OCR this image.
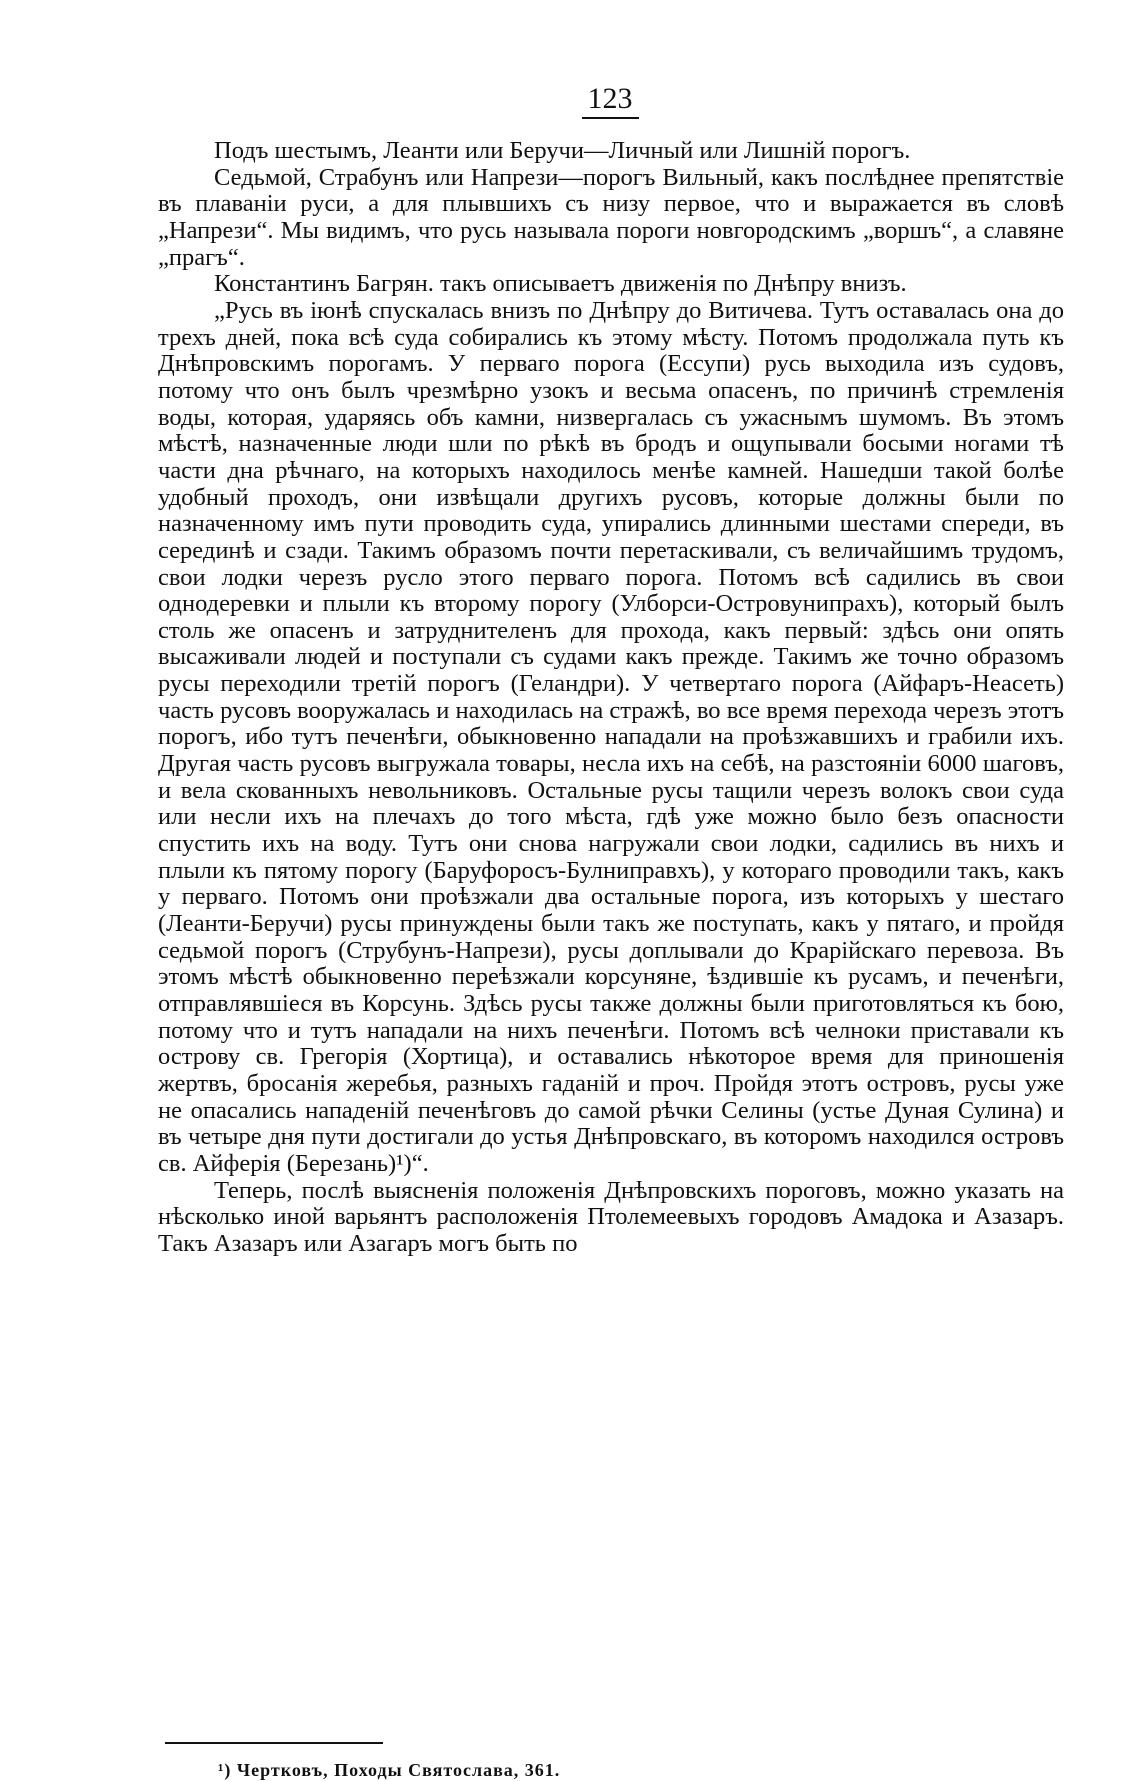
123

Подъ шестымъ, Леанти или Беручи—Личный или Лишній порогъ.

Седьмой, Страбунъ или Напрези—порогъ Вильный, какъ послѣднее препятствіе въ плаваніи руси, а для плывшихъ съ низу первое, что и выражается въ словѣ „Напрези“. Мы видимъ, что русь называла пороги новгородскимъ „воршъ“, а славяне „прагъ“.

Константинъ Багрян. такъ описываетъ движенія по Днѣпру внизъ.

„Русь въ іюнѣ спускалась внизъ по Днѣпру до Витичева. Тутъ оставалась она до трехъ дней, пока всѣ суда собирались къ этому мѣсту. Потомъ продолжала путь къ Днѣпровскимъ порогамъ. У перваго порога (Ессупи) русь выходила изъ судовъ, потому что онъ былъ чрезмѣрно узокъ и весьма опасенъ, по причинѣ стремленія воды, которая, ударяясь объ камни, низвергалась съ ужаснымъ шумомъ. Въ этомъ мѣстѣ, назначенные люди шли по рѣкѣ въ бродъ и ощупывали босыми ногами тѣ части дна рѣчнаго, на которыхъ находилось менѣе камней. Нашедши такой болѣе удобный проходъ, они извѣщали другихъ русовъ, которые должны были по назначенному имъ пути проводить суда, упирались длинными шестами спереди, въ серединѣ и сзади. Такимъ образомъ почти перетаскивали, съ величайшимъ трудомъ, свои лодки черезъ русло этого перваго порога. Потомъ всѣ садились въ свои однодеревки и плыли къ второму порогу (Улборси-Островунипрахъ), который былъ столь же опасенъ и затруднителенъ для прохода, какъ первый: здѣсь они опять высаживали людей и поступали съ судами какъ прежде. Такимъ же точно образомъ русы переходили третій порогъ (Геландри). У четвертаго порога (Айфаръ-Неасеть) часть русовъ вооружалась и находилась на стражѣ, во все время перехода черезъ этотъ порогъ, ибо тутъ печенѣги, обыкновенно нападали на проѣзжавшихъ и грабили ихъ. Другая часть русовъ выгружала товары, несла ихъ на себѣ, на разстояніи 6000 шаговъ, и вела скованныхъ невольниковъ. Остальные русы тащили черезъ волокъ свои суда или несли ихъ на плечахъ до того мѣста, гдѣ уже можно было безъ опасности спустить ихъ на воду. Тутъ они снова нагружали свои лодки, садились въ нихъ и плыли къ пятому порогу (Баруфоросъ-Булниправхъ), у котораго проводили такъ, какъ у перваго. Потомъ они проѣзжали два остальные порога, изъ которыхъ у шестаго (Леанти-Беручи) русы принуждены были такъ же поступать, какъ у пятаго, и пройдя седьмой порогъ (Струбунъ-Напрези), русы доплывали до Крарійскаго перевоза. Въ этомъ мѣстѣ обыкновенно переѣзжали корсуняне, ѣздившіе къ русамъ, и печенѣги, отправлявшіеся въ Корсунь. Здѣсь русы также должны были приготовляться къ бою, потому что и тутъ нападали на нихъ печенѣги. Потомъ всѣ челноки приставали къ острову св. Грегорія (Хортица), и оставались нѣкоторое время для приношенія жертвъ, бросанія жеребья, разныхъ гаданій и проч. Пройдя этотъ островъ, русы уже не опасались нападеній печенѣговъ до самой рѣчки Селины (устье Дуная Сулина) и въ четыре дня пути достигали до устья Днѣпровскаго, въ которомъ находился островъ св. Айферія (Березань)¹)“.

Теперь, послѣ выясненія положенія Днѣпровскихъ пороговъ, можно указать на нѣсколько иной варьянтъ расположенія Птолемеевыхъ городовъ Амадока и Азазаръ. Такъ Азазаръ или Азагаръ могъ быть по

¹) Чертковъ, Походы Святослава, 361.
